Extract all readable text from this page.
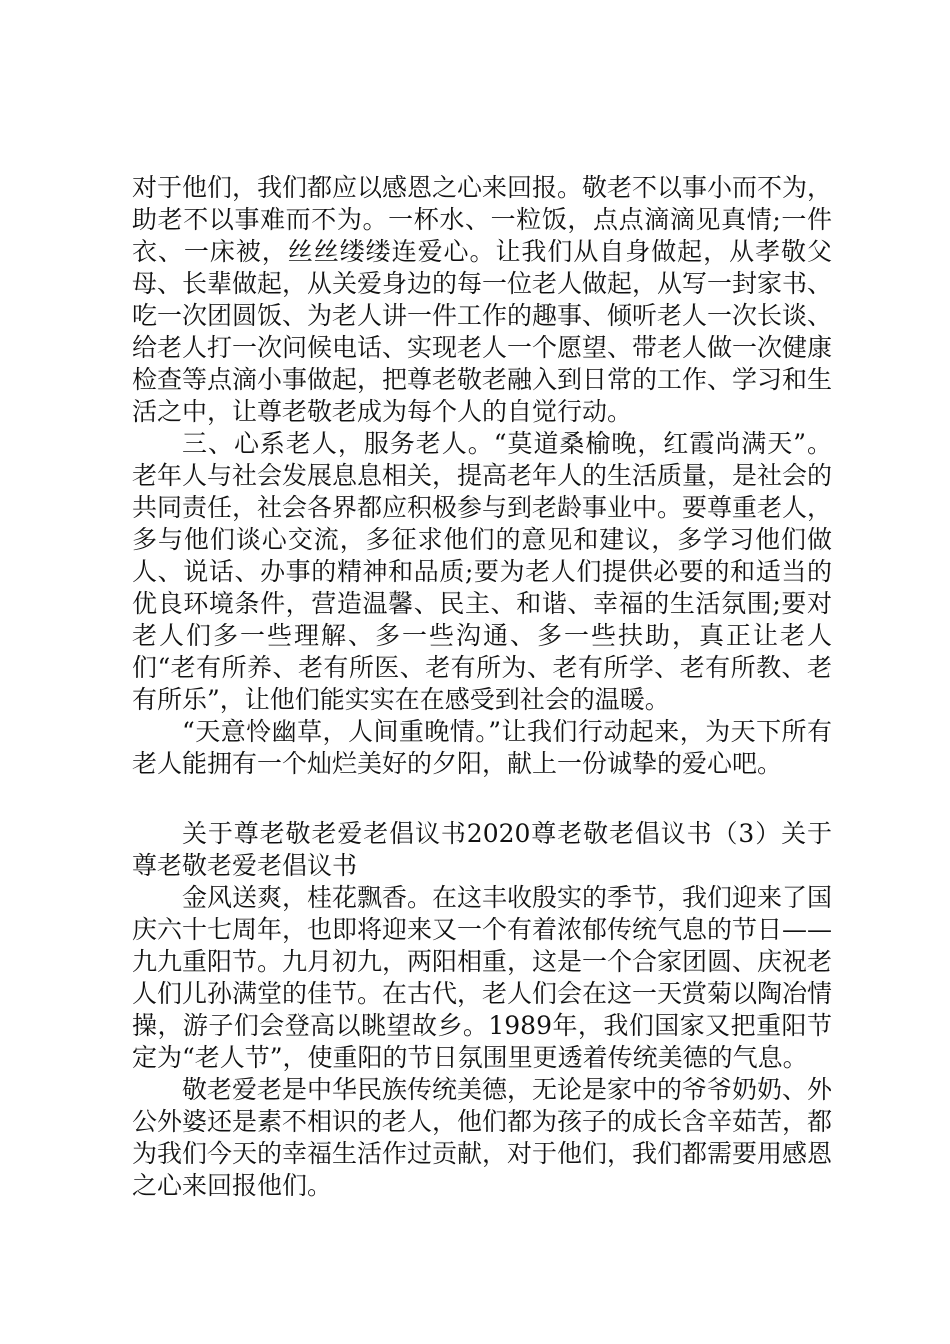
对于他们，我们都应以感恩之心来回报。敬老不以事小而不为，助老不以事难而不为。一杯水、一粒饭，点点滴滴见真情;一件衣、一床被，丝丝缕缕连爱心。让我们从自身做起，从孝敬父母、长辈做起，从关爱身边的每一位老人做起，从写一封家书、吃一次团圆饭、为老人讲一件工作的趣事、倾听老人一次长谈、给老人打一次问候电话、实现老人一个愿望、带老人做一次健康检查等点滴小事做起，把尊老敬老融入到日常的工作、学习和生活之中，让尊老敬老成为每个人的自觉行动。

三、心系老人，服务老人。“莫道桑榆晚，红霞尚满天”。老年人与社会发展息息相关，提高老年人的生活质量，是社会的共同责任，社会各界都应积极参与到老龄事业中。要尊重老人，多与他们谈心交流，多征求他们的意见和建议，多学习他们做人、说话、办事的精神和品质;要为老人们提供必要的和适当的优良环境条件，营造温馨、民主、和谐、幸福的生活氛围;要对老人们多一些理解、多一些沟通、多一些扶助，真正让老人们“老有所养、老有所医、老有所为、老有所学、老有所教、老有所乐”，让他们能实实在在感受到社会的温暖。

“天意怜幽草，人间重晚情。”让我们行动起来，为天下所有老人能拥有一个灿烂美好的夕阳，献上一份诚挚的爱心吧。

关于尊老敬老爱老倡议书2020尊老敬老倡议书（3）关于尊老敬老爱老倡议书

金风送爽，桂花飘香。在这丰收殷实的季节，我们迎来了国庆六十七周年，也即将迎来又一个有着浓郁传统气息的节日——九九重阳节。九月初九，两阳相重，这是一个合家团圆、庆祝老人们儿孙满堂的佳节。在古代，老人们会在这一天赏菊以陶冶情操，游子们会登高以眺望故乡。1989年，我们国家又把重阳节定为“老人节”，使重阳的节日氛围里更透着传统美德的气息。

敬老爱老是中华民族传统美德，无论是家中的爷爷奶奶、外公外婆还是素不相识的老人，他们都为孩子的成长含辛茹苦，都为我们今天的幸福生活作过贡献，对于他们，我们都需要用感恩之心来回报他们。
